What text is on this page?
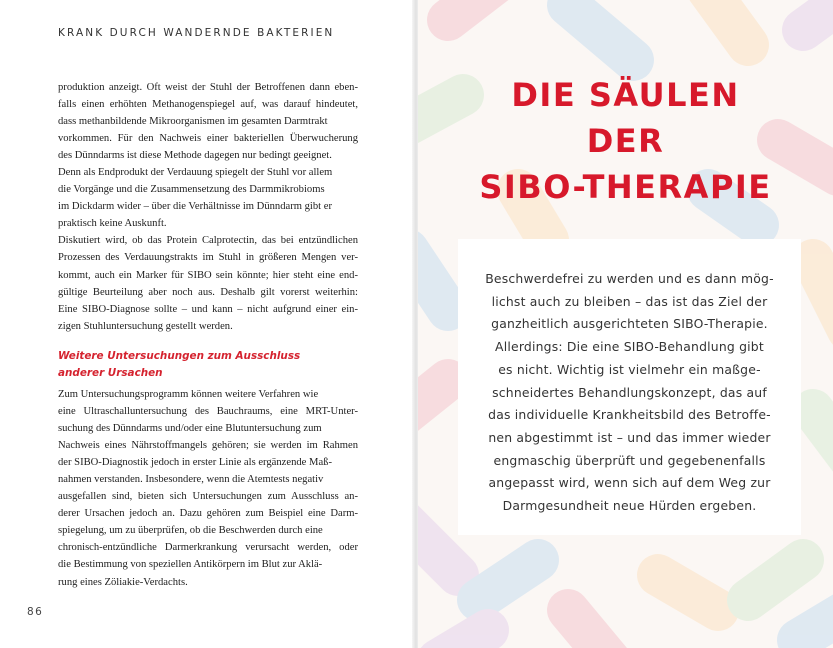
KRANK DURCH WANDERNDE BAKTERIEN
produktion anzeigt. Oft weist der Stuhl der Betroffenen dann eben-
falls einen erhöhten Methanogenspiegel auf, was darauf hindeutet,
dass methanbildende Mikroorganismen im gesamten Darmtrakt
vorkommen. Für den Nachweis einer bakteriellen Überwucherung
des Dünndarms ist diese Methode dagegen nur bedingt geeignet.
Denn als Endprodukt der Verdauung spiegelt der Stuhl vor allem
die Vorgänge und die Zusammensetzung des Darmmikrobioms
im Dickdarm wider – über die Verhältnisse im Dünndarm gibt er
praktisch keine Auskunft.
Diskutiert wird, ob das Protein Calprotectin, das bei entzündlichen
Prozessen des Verdauungstrakts im Stuhl in größeren Mengen ver-
kommt, auch ein Marker für SIBO sein könnte; hier steht eine end-
gültige Beurteilung aber noch aus. Deshalb gilt vorerst weiterhin:
Eine SIBO-Diagnose sollte – und kann – nicht aufgrund einer ein-
zigen Stuhluntersuchung gestellt werden.
Weitere Untersuchungen zum Ausschluss
anderer Ursachen
Zum Untersuchungsprogramm können weitere Verfahren wie
eine Ultraschalluntersuchung des Bauchraums, eine MRT-Unter-
suchung des Dünndarms und/oder eine Blutuntersuchung zum
Nachweis eines Nährstoffmangels gehören; sie werden im Rahmen
der SIBO-Diagnostik jedoch in erster Linie als ergänzende Maß-
nahmen verstanden. Insbesondere, wenn die Atemtests negativ
ausgefallen sind, bieten sich Untersuchungen zum Ausschluss an-
derer Ursachen jedoch an. Dazu gehören zum Beispiel eine Darm-
spiegelung, um zu überprüfen, ob die Beschwerden durch eine
chronisch-entzündliche Darmerkrankung verursacht werden, oder
die Bestimmung von speziellen Antikörpern im Blut zur Aklä-
rung eines Zöliakie-Verdachts.
86
DIE SÄULEN
DER
SIBO-THERAPIE
Beschwerdefrei zu werden und es dann mög-
lichst auch zu bleiben – das ist das Ziel der
ganzheitlich ausgerichteten SIBO-Therapie.
Allerdings: Die eine SIBO-Behandlung gibt
es nicht. Wichtig ist vielmehr ein maßge-
schneidertes Behandlungskonzept, das auf
das individuelle Krankheitsbild des Betroffe-
nen abgestimmt ist – und das immer wieder
engmaschig überprüft und gegebenenfalls
angepasst wird, wenn sich auf dem Weg zur
Darmgesundheit neue Hürden ergeben.
